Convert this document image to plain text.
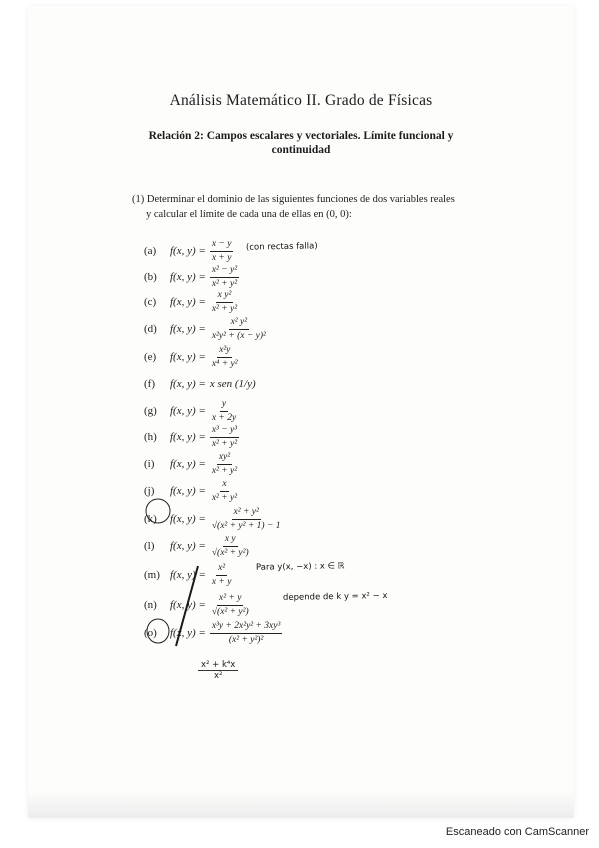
Análisis Matemático II. Grado de Físicas
Relación 2: Campos escalares y vectoriales. Límite funcional y
continuidad
(1) Determinar el dominio de las siguientes funciones de dos variables reales
y calcular el límite de cada una de ellas en (0, 0):
(a)	f(x, $y) = \frac{x - y}{x + y}$
(b)	f(x, $y) = \frac{\text{x² − y²}}{\text{x² + y²}}$
(c)	f(x, $y) = \frac{\text{x y²}}{\text{x² + y²}}$
(d)	f(x, $y) = \frac{\text{x² y²}}{\text{x²y² + (x − y)²}}$
(e)	f(x, $y) = \frac{\text{x²y}}{\text{x⁴ + y²}}$
(f)	f(x, y) = x sen (1/y)
(g)	f(x, $y) = \frac{y}{x + 2y}$
(h)	f(x, $y) = \frac{\text{x³ − y³}}{\text{x² + y²}}$
(i)	f(x, $y) = \frac{\text{xy²}}{\text{x² + y²}}$
(j)	f(x, $y) = \frac{x}{\text{x² + y²}}$
(k)	f(x, $y) = \frac{\text{x² + y²}}{\text{√(x² + y² + 1) − 1}}$
(l)	f(x, $y) = \frac{\text{x y}}{\text{√(x² + y²)}}$
(m) f(x, $y) = \frac{\text{x²}}{x + y}$
(n)	f(x, $y) = \frac{\text{x² + y}}{\text{√(x² + y²)}}$
(o)	f(x, $y) = \frac{\text{x³y + 2x²y² + 3xy³}}{\text{(x² + y²)²}}$
(con rectas falla)
Para y(x, −x) : x ∈ ℝ
depende de k y = x² − x
$\frac{\text{x² + k⁴x}}{\text{x²}}$
Escaneado con CamScanner
